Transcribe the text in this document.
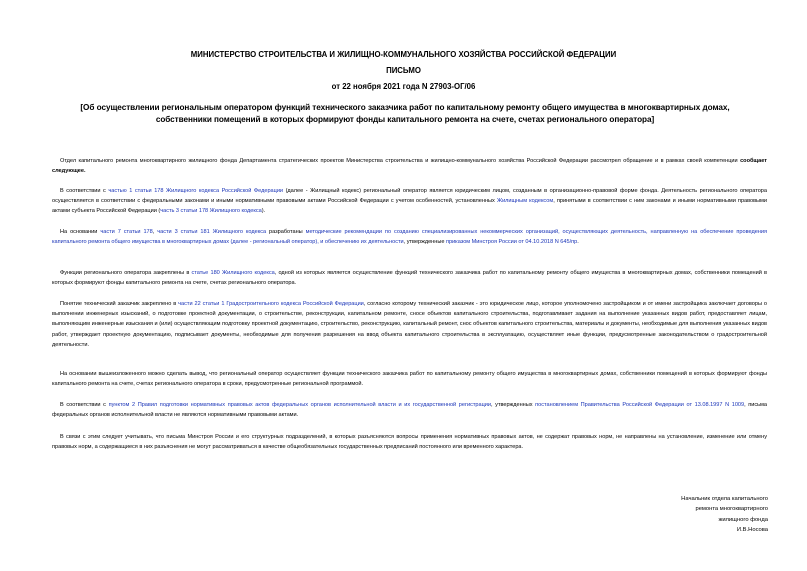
МИНИСТЕРСТВО СТРОИТЕЛЬСТВА И ЖИЛИЩНО-КОММУНАЛЬНОГО ХОЗЯЙСТВА РОССИЙСКОЙ ФЕДЕРАЦИИ
ПИСЬМО
от 22 ноября 2021 года N 27903-ОГ/06
[Об осуществлении региональным оператором функций технического заказчика работ по капитальному ремонту общего имущества в многоквартирных домах, собственники помещений в которых формируют фонды капитального ремонта на счете, счетах регионального оператора]
Отдел капитального ремонта многоквартирного жилищного фонда Департамента стратегических проектов Министерства строительства и жилищно-коммунального хозяйства Российской Федерации рассмотрел обращение и в рамках своей компетенции сообщает следующее.
В соответствии с частью 1 статьи 178 Жилищного кодекса Российской Федерации (далее - Жилищный кодекс) региональный оператор является юридическим лицом, созданным в организационно-правовой форме фонда. Деятельность регионального оператора осуществляется в соответствии с федеральными законами и иными нормативными правовыми актами Российской Федерации с учетом особенностей, установленных Жилищным кодексом, принятыми в соответствии с ним законами и иными нормативными правовыми актами субъекта Российской Федерации (часть 3 статьи 178 Жилищного кодекса).
На основании части 7 статьи 178, части 3 статьи 181 Жилищного кодекса разработаны методические рекомендации по созданию специализированных некоммерческих организаций, осуществляющих деятельность, направленную на обеспечение проведения капитального ремонта общего имущества в многоквартирных домах (далее - региональный оператор), и обеспечению их деятельности, утвержденные приказом Минстроя России от 04.10.2018 N 645/пр.
Функции регионального оператора закреплены в статье 180 Жилищного кодекса, одной из которых является осуществление функций технического заказчика работ по капитальному ремонту общего имущества в многоквартирных домах, собственники помещений в которых формируют фонды капитального ремонта на счете, счетах регионального оператора.
Понятие технический заказчик закреплено в части 22 статьи 1 Градостроительного кодекса Российской Федерации, согласно которому технический заказчик - это юридическое лицо, которое уполномочено застройщиком и от имени застройщика заключает договоры о выполнении инженерных изысканий, о подготовке проектной документации, о строительстве, реконструкции, капитальном ремонте, сносе объектов капитального строительства, подготавливает задания на выполнение указанных видов работ, предоставляет лицам, выполняющим инженерные изыскания и (или) осуществляющим подготовку проектной документацию, строительство, реконструкцию, капитальный ремонт, снос объектов капитального строительства, материалы и документы, необходимые для выполнения указанных видов работ, утверждает проектную документацию, подписывает документы, необходимые для получения разрешения на ввод объекта капитального строительства в эксплуатацию, осуществляет иные функции, предусмотренные законодательством о градостроительной деятельности.
На основании вышеизложенного можно сделать вывод, что региональный оператор осуществляет функции технического заказчика работ по капитальному ремонту общего имущества в многоквартирных домах, собственники помещений в которых формируют фонды капитального ремонта на счете, счетах регионального оператора в сроки, предусмотренные региональной программой.
В соответствии с пунктом 2 Правил подготовки нормативных правовых актов федеральных органов исполнительной власти и их государственной регистрации, утвержденных постановлением Правительства Российской Федерации от 13.08.1997 N 1009, письма федеральных органов исполнительной власти не являются нормативными правовыми актами.
В связи с этим следует учитывать, что письма Минстроя России и его структурных подразделений, в которых разъясняются вопросы применения нормативных правовых актов, не содержат правовых норм, не направлены на установление, изменение или отмену правовых норм, а содержащиеся в них разъяснения не могут рассматриваться в качестве общеобязательных государственных предписаний постоянного или временного характера.
Начальник отдела капитального
ремонта многоквартирного
жилищного фонда
И.В.Носова
